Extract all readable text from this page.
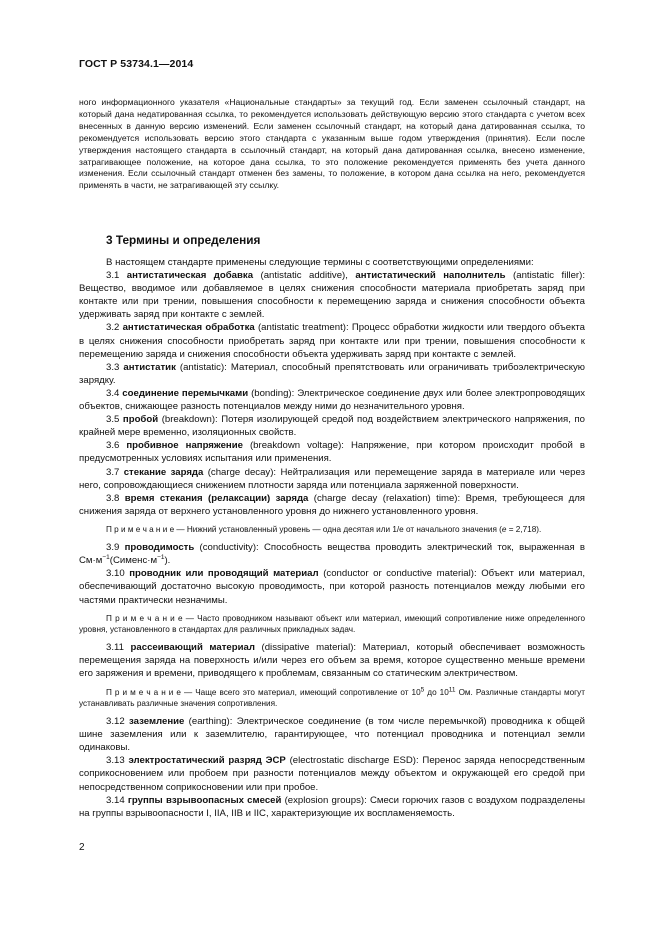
ГОСТ Р 53734.1—2014

ного информационного указателя «Национальные стандарты» за текущий год. Если заменен ссылочный стандарт, на который дана недатированная ссылка, то рекомендуется использовать действующую версию этого стандарта с учетом всех внесенных в данную версию изменений. Если заменен ссылочный стандарт, на который дана датированная ссылка, то рекомендуется использовать версию этого стандарта с указанным выше годом утверждения (принятия). Если после утверждения настоящего стандарта в ссылочный стандарт, на который дана датированная ссылка, внесено изменение, затрагивающее положение, на которое дана ссылка, то это положение рекомендуется применять без учета данного изменения. Если ссылочный стандарт отменен без замены, то положение, в котором дана ссылка на него, рекомендуется применять в части, не затрагивающей эту ссылку.

3 Термины и определения

В настоящем стандарте применены следующие термины с соответствующими определениями:

3.1 антистатическая добавка (antistatic additive), антистатический наполнитель (antistatic filler): Вещество, вводимое или добавляемое в целях снижения способности материала приобретать заряд при контакте или при трении, повышения способности к перемещению заряда и снижения способности объекта удерживать заряд при контакте с землей.

3.2 антистатическая обработка (antistatic treatment): Процесс обработки жидкости или твердого объекта в целях снижения способности приобретать заряд при контакте или при трении, повышения способности к перемещению заряда и снижения способности объекта удерживать заряд при контакте с землей.

3.3 антистатик (antistatic): Материал, способный препятствовать или ограничивать трибоэлектрическую зарядку.

3.4 соединение перемычками (bonding): Электрическое соединение двух или более электропроводящих объектов, снижающее разность потенциалов между ними до незначительного уровня.

3.5 пробой (breakdown): Потеря изолирующей средой под воздействием электрического напряжения, по крайней мере временно, изоляционных свойств.

3.6 пробивное напряжение (breakdown voltage): Напряжение, при котором происходит пробой в предусмотренных условиях испытания или применения.

3.7 стекание заряда (charge decay): Нейтрализация или перемещение заряда в материале или через него, сопровождающиеся снижением плотности заряда или потенциала заряженной поверхности.

3.8 время стекания (релаксации) заряда (charge decay (relaxation) time): Время, требующееся для снижения заряда от верхнего установленного уровня до нижнего установленного уровня.

П р и м е ч а н и е — Нижний установленный уровень — одна десятая или 1/e от начального значения (e = 2,718).

3.9 проводимость (conductivity): Способность вещества проводить электрический ток, выраженная в $См\cdot м^{-1}(Сименс\cdot м^{-1})$.

3.10 проводник или проводящий материал (conductor or conductive material): Объект или материал, обеспечивающий достаточно высокую проводимость, при которой разность потенциалов между любыми его частями практически незначимы.

П р и м е ч а н и е — Часто проводником называют объект или материал, имеющий сопротивление ниже определенного уровня, установленного в стандартах для различных прикладных задач.

3.11 рассеивающий материал (dissipative material): Материал, который обеспечивает возможность перемещения заряда на поверхность и/или через его объем за время, которое существенно меньше времени его заряжения и времени, приводящего к проблемам, связанным со статическим электричеством.

П р и м е ч а н и е — Чаще всего это материал, имеющий сопротивление от $10^5$ до $10^{11}$ Ом. Различные стандарты могут устанавливать различные значения сопротивления.

3.12 заземление (earthing): Электрическое соединение (в том числе перемычкой) проводника к общей шине заземления или к заземлителю, гарантирующее, что потенциал проводника и потенциал земли одинаковы.

3.13 электростатический разряд ЭСР (electrostatic discharge ESD): Перенос заряда непосредственным соприкосновением или пробоем при разности потенциалов между объектом и окружающей его средой при непосредственном соприкосновении или при пробое.

3.14 группы взрывоопасных смесей (explosion groups): Смеси горючих газов с воздухом подразделены на группы взрывоопасности I, IIA, IIB и IIC, характеризующие их воспламеняемость.

2
